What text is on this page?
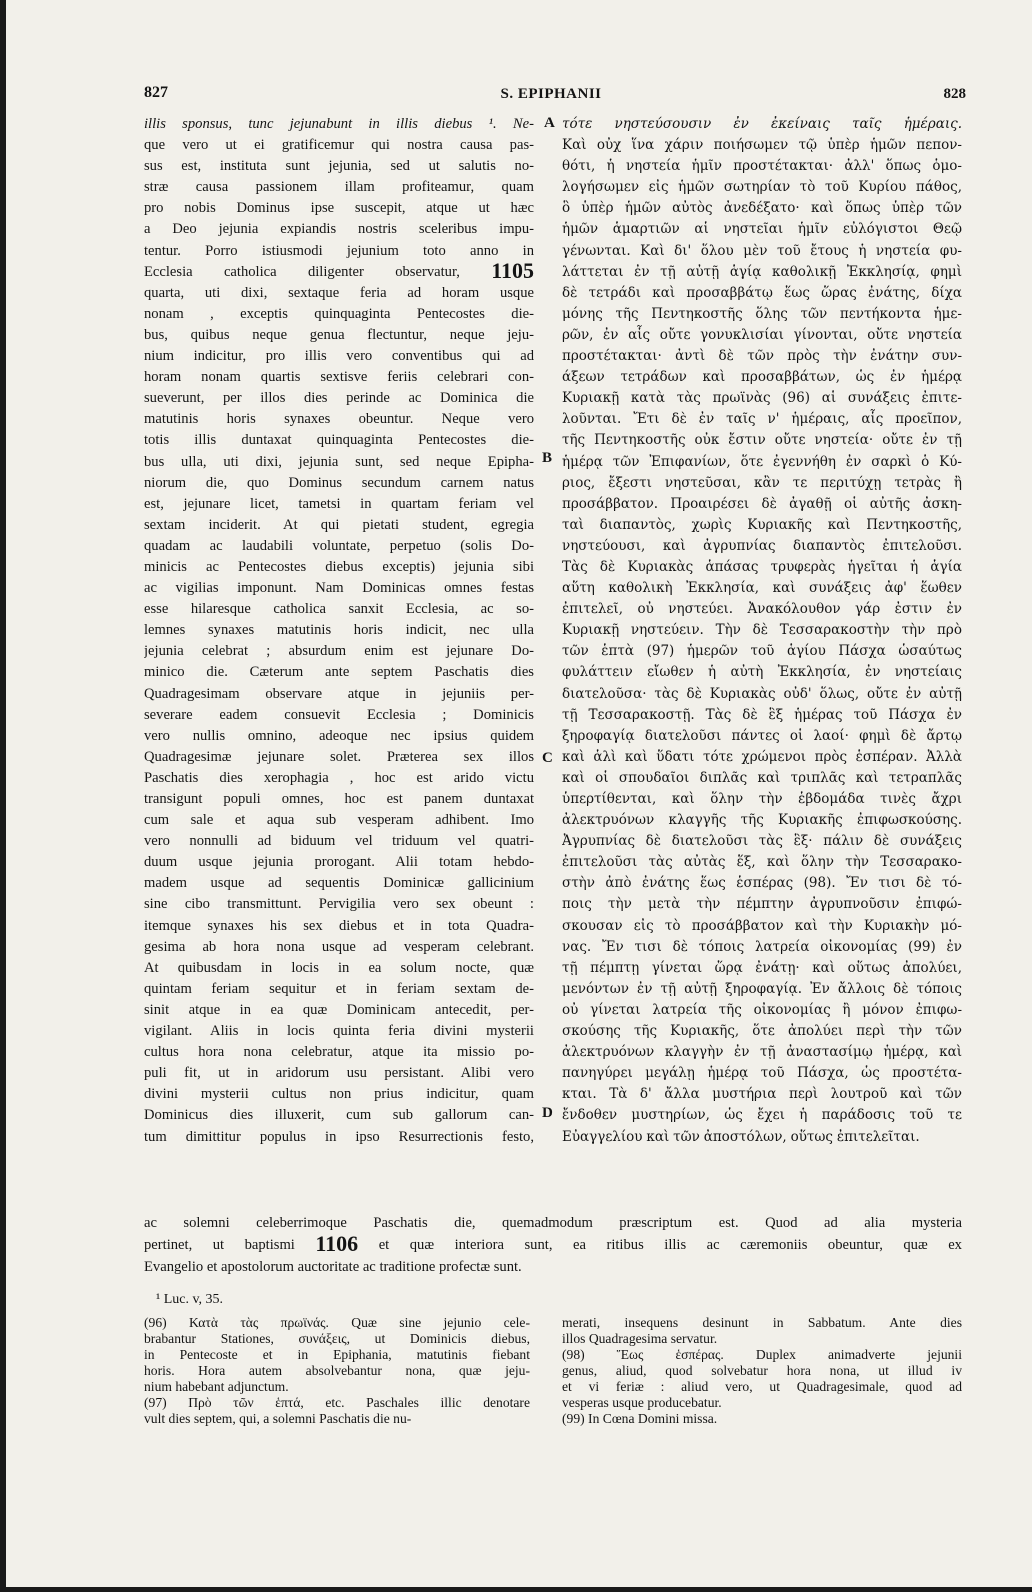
827	S. EPIPHANII	828
illis sponsus, tunc jejunabunt in illis diebus ¹. Ne-
que vero ut ei gratificemur qui nostra causa pas-
sus est, instituta sunt jejunia, sed ut salutis no-
stræ causa passionem illam profiteamur, quam
pro nobis Dominus ipse suscepit, atque ut hæc
a Deo jejunia expiandis nostris sceleribus impu-
tentur. Porro istiusmodi jejunium toto anno in
Ecclesia catholica diligenter observatur, 1105
quarta, uti dixi, sextaque feria ad horam usque
nonam , exceptis quinquaginta Pentecostes die-
bus, quibus neque genua flectuntur, neque jeju-
nium indicitur, pro illis vero conventibus qui ad
horam nonam quartis sextisve feriis celebrari con-
sueverunt, per illos dies perinde ac Dominica die
matutinis horis synaxes obeuntur. Neque vero
totis illis duntaxat quinquaginta Pentecostes die-
bus ulla, uti dixi, jejunia sunt, sed neque Epipha-
niorum die, quo Dominus secundum carnem natus
est, jejunare licet, tametsi in quartam feriam vel
sextam inciderit. At qui pietati student, egregia
quadam ac laudabili voluntate, perpetuo (solis Do-
minicis ac Pentecostes diebus exceptis) jejunia sibi
ac vigilias imponunt. Nam Dominicas omnes festas
esse hilaresque catholica sanxit Ecclesia, ac so-
lemnes synaxes matutinis horis indicit, nec ulla
jejunia celebrat ; absurdum enim est jejunare Do-
minico die. Cæterum ante septem Paschatis dies
Quadragesimam observare atque in jejuniis per-
severare eadem consuevit Ecclesia ; Dominicis
vero nullis omnino, adeoque nec ipsius quidem
Quadragesimæ jejunare solet. Præterea sex illos
Paschatis dies xerophagia , hoc est arido victu
transigunt populi omnes, hoc est panem duntaxat
cum sale et aqua sub vesperam adhibent. Imo
vero nonnulli ad biduum vel triduum vel quatri-
duum usque jejunia prorogant. Alii totam hebdo-
madem usque ad sequentis Dominicæ gallicinium
sine cibo transmittunt. Pervigilia vero sex obeunt :
itemque synaxes his sex diebus et in tota Quadra-
gesima ab hora nona usque ad vesperam celebrant.
At quibusdam in locis in ea solum nocte, quæ
quintam feriam sequitur et in feriam sextam de-
sinit atque in ea quæ Dominicam antecedit, per-
vigilant. Aliis in locis quinta feria divini mysterii
cultus hora nona celebratur, atque ita missio po-
puli fit, ut in aridorum usu persistant. Alibi vero
divini mysterii cultus non prius indicitur, quam
Dominicus dies illuxerit, cum sub gallorum can-
tum dimittitur populus in ipso Resurrectionis festo,
τότε νηστεύσουσιν ἐν ἐκείναις ταῖς ἡμέραις.
Καὶ οὐχ ἵνα χάριν ποιήσωμεν τῷ ὑπὲρ ἡμῶν πεπον-
θότι, ἡ νηστεία ἡμῖν προστέτακται· ἀλλ' ὅπως ὁμο-
λογήσωμεν εἰς ἡμῶν σωτηρίαν τὸ τοῦ Κυρίου πάθος,
ὃ ὑπὲρ ἡμῶν αὐτὸς ἀνεδέξατο· καὶ ὅπως ὑπὲρ τῶν
ἡμῶν ἁμαρτιῶν αἱ νηστεῖαι ἡμῖν εὐλόγιστοι Θεῷ
γένωνται. Καὶ δι' ὅλου μὲν τοῦ ἔτους ἡ νηστεία φυ-
λάττεται ἐν τῇ αὐτῇ ἁγίᾳ καθολικῇ Ἐκκλησίᾳ, φημὶ
δὲ τετράδι καὶ προσαββάτῳ ἕως ὥρας ἐνάτης, δίχα
μόνης τῆς Πεντηκοστῆς ὅλης τῶν πεντήκοντα ἡμε-
ρῶν, ἐν αἷς οὔτε γονυκλισίαι γίνονται, οὔτε νηστεία
προστέτακται· ἀντὶ δὲ τῶν πρὸς τὴν ἐνάτην συν-
άξεων τετράδων καὶ προσαββάτων, ὡς ἐν ἡμέρᾳ
Κυριακῇ κατὰ τὰς πρωϊνὰς (96) αἱ συνάξεις ἐπιτε-
λοῦνται. Ἔτι δὲ ἐν ταῖς ν' ἡμέραις, αἷς προεῖπον,
τῆς Πεντηκοστῆς οὐκ ἔστιν οὔτε νηστεία· οὔτε ἐν τῇ
ἡμέρᾳ τῶν Ἐπιφανίων, ὅτε ἐγεννήθη ἐν σαρκὶ ὁ Κύ-
ριος, ἔξεστι νηστεῦσαι, κἂν τε περιτύχῃ τετρὰς ἢ
προσάββατον. Προαιρέσει δὲ ἀγαθῇ οἱ αὐτῆς ἀσκη-
ταὶ διαπαντὸς, χωρὶς Κυριακῆς καὶ Πεντηκοστῆς,
νηστεύουσι, καὶ ἀγρυπνίας διαπαντὸς ἐπιτελοῦσι.
Τὰς δὲ Κυριακὰς ἁπάσας τρυφερὰς ἡγεῖται ἡ ἁγία
αὕτη καθολικὴ Ἐκκλησία, καὶ συνάξεις ἀφ' ἕωθεν
ἐπιτελεῖ, οὐ νηστεύει. Ἀνακόλουθον γάρ ἐστιν ἐν
Κυριακῇ νηστεύειν. Τὴν δὲ Τεσσαρακοστὴν τὴν πρὸ
τῶν ἑπτὰ (97) ἡμερῶν τοῦ ἁγίου Πάσχα ὡσαύτως
φυλάττειν εἴωθεν ἡ αὐτὴ Ἐκκλησία, ἐν νηστείαις
διατελοῦσα· τὰς δὲ Κυριακὰς οὐδ' ὅλως, οὔτε ἐν αὐτῇ
τῇ Τεσσαρακοστῇ. Τὰς δὲ ἓξ ἡμέρας τοῦ Πάσχα ἐν
ξηροφαγίᾳ διατελοῦσι πάντες οἱ λαοί· φημὶ δὲ ἄρτῳ
καὶ ἁλὶ καὶ ὕδατι τότε χρώμενοι πρὸς ἑσπέραν. Ἀλλὰ
καὶ οἱ σπουδαῖοι διπλᾶς καὶ τριπλᾶς καὶ τετραπλᾶς
ὑπερτίθενται, καὶ ὅλην τὴν ἑβδομάδα τινὲς ἄχρι
ἀλεκτρυόνων κλαγγῆς τῆς Κυριακῆς ἐπιφωσκούσης.
Ἀγρυπνίας δὲ διατελοῦσι τὰς ἓξ· πάλιν δὲ συνάξεις
ἐπιτελοῦσι τὰς αὐτὰς ἕξ, καὶ ὅλην τὴν Τεσσαρακο-
στὴν ἀπὸ ἐνάτης ἕως ἑσπέρας (98). Ἔν τισι δὲ τό-
ποις τὴν μετὰ τὴν πέμπτην ἀγρυπνοῦσιν ἐπιφώ-
σκουσαν εἰς τὸ προσάββατον καὶ τὴν Κυριακὴν μό-
νας. Ἔν τισι δὲ τόποις λατρεία οἰκονομίας (99) ἐν
τῇ πέμπτῃ γίνεται ὥρᾳ ἐνάτῃ· καὶ οὕτως ἀπολύει,
μενόντων ἐν τῇ αὐτῇ ξηροφαγίᾳ. Ἐν ἄλλοις δὲ τόποις
οὐ γίνεται λατρεία τῆς οἰκονομίας ἢ μόνον ἐπιφω-
σκούσης τῆς Κυριακῆς, ὅτε ἀπολύει περὶ τὴν τῶν
ἀλεκτρυόνων κλαγγὴν ἐν τῇ ἀναστασίμῳ ἡμέρᾳ, καὶ
πανηγύρει μεγάλῃ ἡμέρᾳ τοῦ Πάσχα, ὡς προστέτα-
κται. Τὰ δ' ἄλλα μυστήρια περὶ λουτροῦ καὶ τῶν
ἔνδοθεν μυστηρίων, ὡς ἔχει ἡ παράδοσις τοῦ τε
Εὐαγγελίου καὶ τῶν ἀποστόλων, οὕτως ἐπιτελεῖται.
A
B
C
D
ac solemni celeberrimoque Paschatis die, quemadmodum præscriptum est. Quod ad alia mysteria
pertinet, ut baptismi 1106 et quæ interiora sunt, ea ritibus illis ac cæremoniis obeuntur, quæ ex
Evangelio et apostolorum auctoritate ac traditione profectæ sunt.
¹ Luc. v, 35.
(96) Κατὰ τὰς πρωϊνάς. Quæ sine jejunio cele-
brabantur Stationes, συνάξεις, ut Dominicis diebus,
in Pentecoste et in Epiphania, matutinis fiebant
horis. Hora autem absolvebantur nona, quæ jeju-
nium habebant adjunctum.
(97) Πρὸ τῶν ἑπτά, etc. Paschales illic denotare
vult dies septem, qui, a solemni Paschatis die nu-
merati, insequens desinunt in Sabbatum. Ante dies
illos Quadragesima servatur.
(98) Ἕως ἑσπέρας. Duplex animadverte jejunii
genus, aliud, quod solvebatur hora nona, ut illud iv
et vi feriæ : aliud vero, ut Quadragesimale, quod ad
vesperas usque producebatur.
(99) In Cœna Domini missa.
